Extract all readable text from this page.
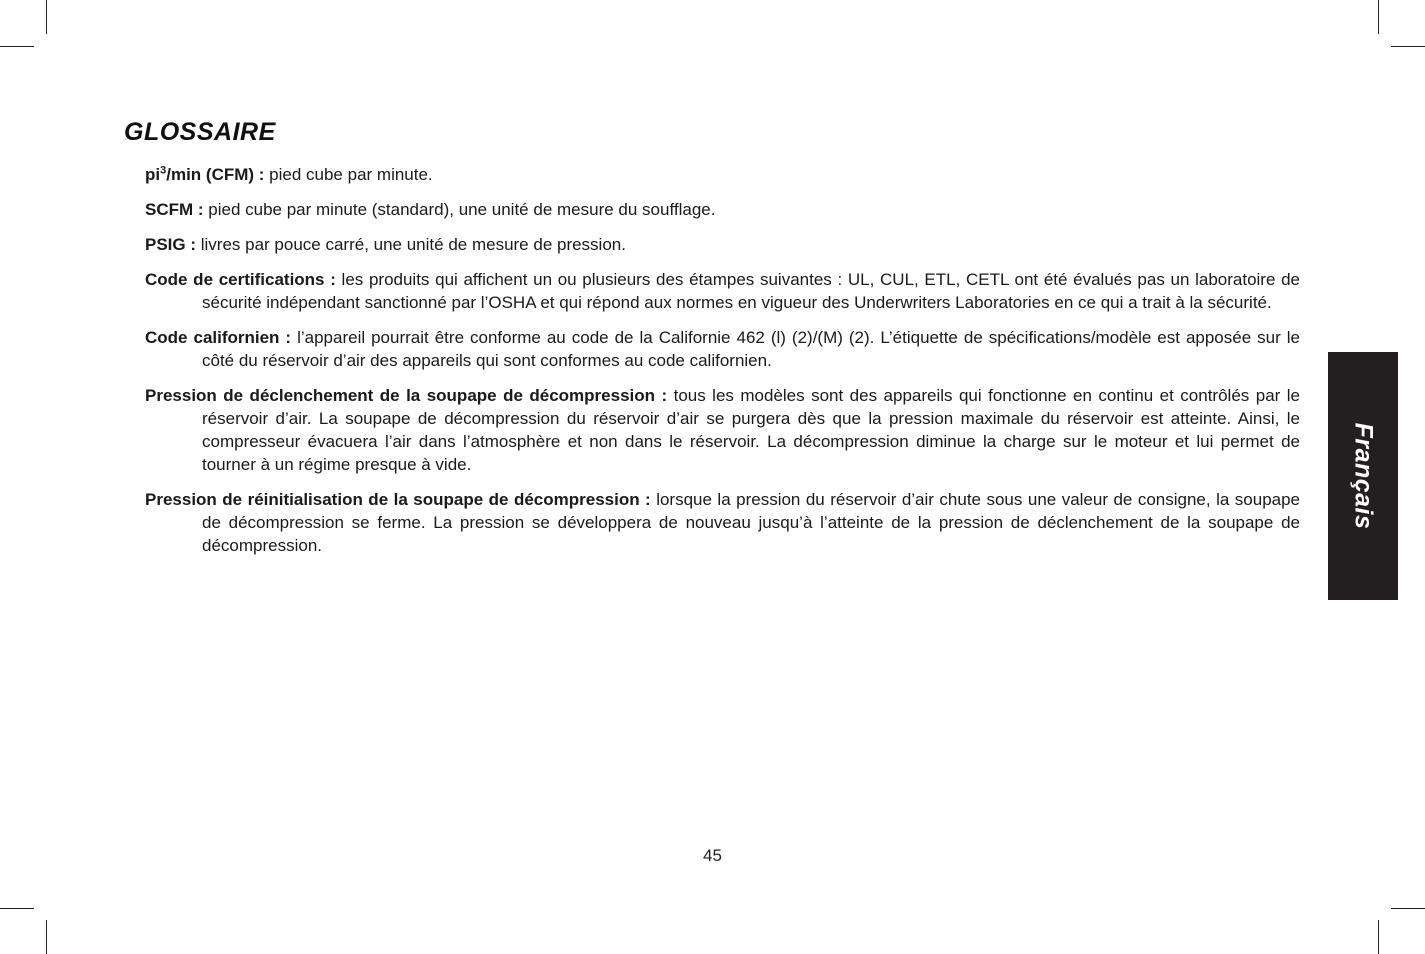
GLOSSAIRE

$pi^3/\min$ (CFM) : pied cube par minute.

SCFM : pied cube par minute (standard), une unité de mesure du soufflage.

PSIG : livres par pouce carré, une unité de mesure de pression.

Code de certifications : les produits qui affichent un ou plusieurs des étampes suivantes : UL, CUL, ETL, CETL ont été évalués pas un laboratoire de sécurité indépendant sanctionné par l’OSHA et qui répond aux normes en vigueur des Underwriters Laboratories en ce qui a trait à la sécurité.

Code californien : l’appareil pourrait être conforme au code de la Californie 462 (l) (2)/(M) (2). L’étiquette de spécifications/modèle est apposée sur le côté du réservoir d’air des appareils qui sont conformes au code californien.

Pression de déclenchement de la soupape de décompression : tous les modèles sont des appareils qui fonctionne en continu et contrôlés par le réservoir d’air. La soupape de décompression du réservoir d’air se purgera dès que la pression maximale du réservoir est atteinte. Ainsi, le compresseur évacuera l’air dans l’atmosphère et non dans le réservoir. La décompression diminue la charge sur le moteur et lui permet de tourner à un régime presque à vide.

Pression de réinitialisation de la soupape de décompression : lorsque la pression du réservoir d’air chute sous une valeur de consigne, la soupape de décompression se ferme. La pression se développera de nouveau jusqu’à l’atteinte de la pression de déclenchement de la soupape de décompression.

Français
45
